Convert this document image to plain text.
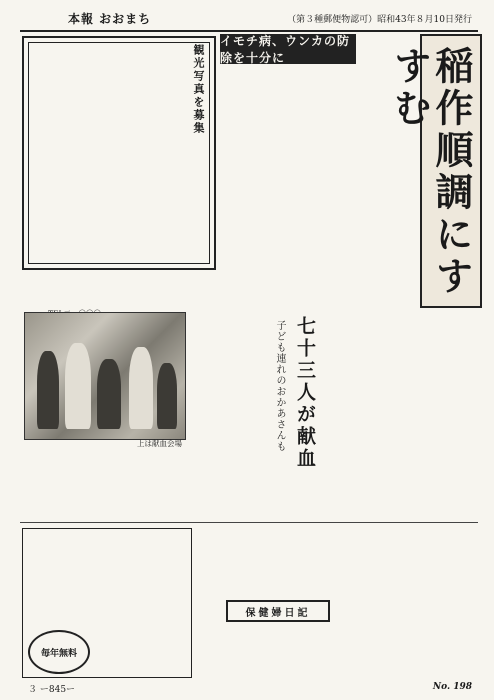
本報 おおまち	（第３種郵便物認可）昭和43年８月10日発行
稲作順調にすすむ
イモチ病、ウンカの防除を十分に
観光写真を募集
七十三人が献血
子ども連れのおかあさんも
上は献血会場
毎年無料
保健婦日記
３ ー845ー	No. 198
